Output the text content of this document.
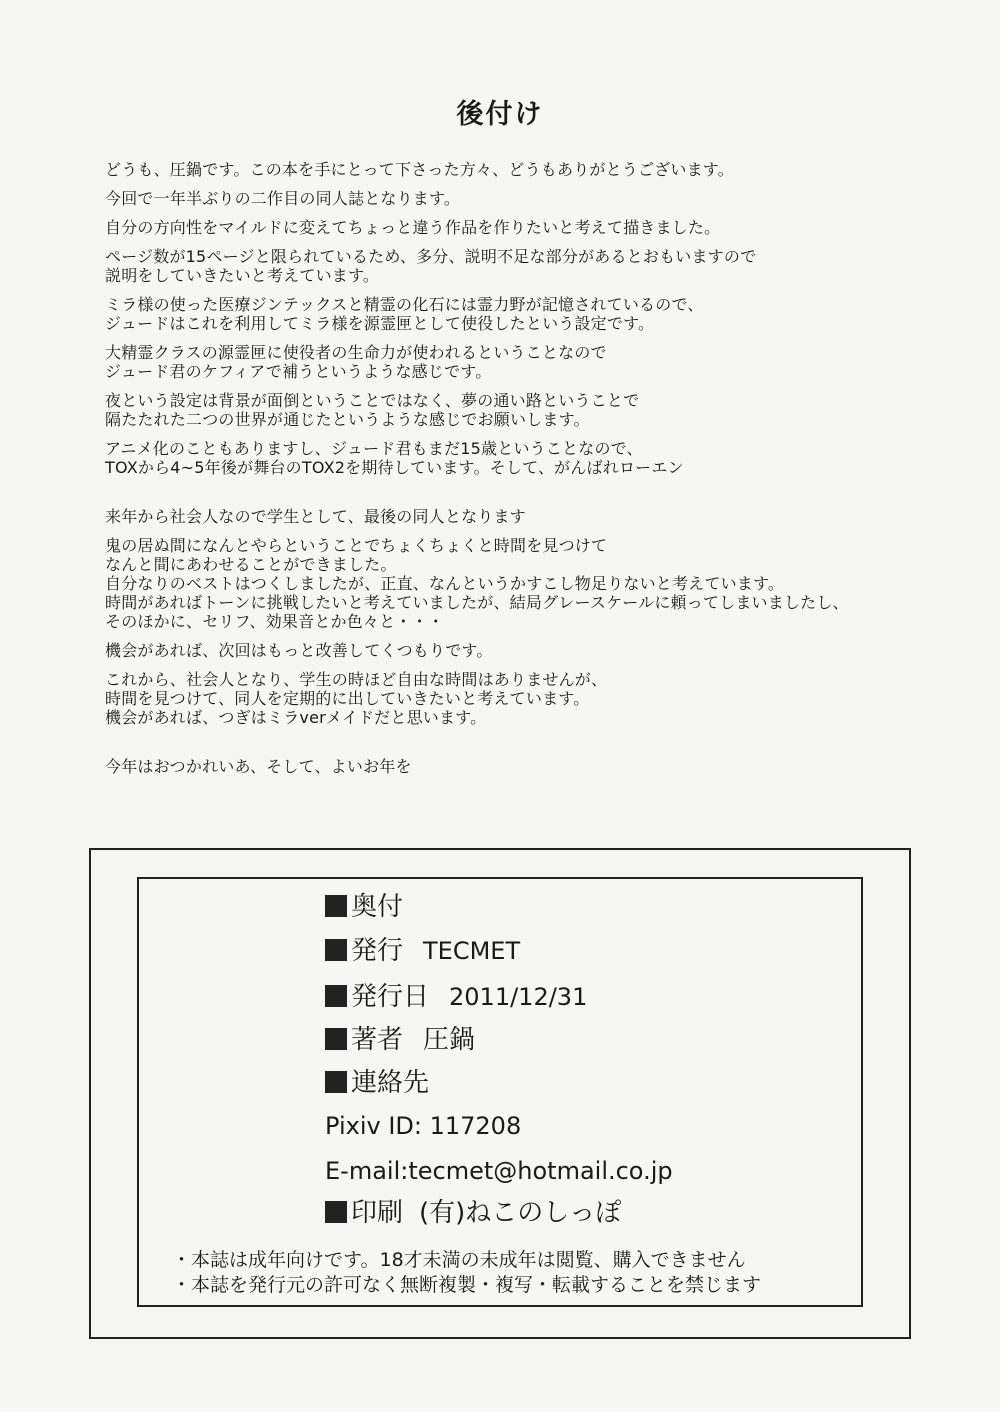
後付け
どうも、圧鍋です。この本を手にとって下さった方々、どうもありがとうございます。
今回で一年半ぶりの二作目の同人誌となります。
自分の方向性をマイルドに変えてちょっと違う作品を作りたいと考えて描きました。
ページ数が15ページと限られているため、多分、説明不足な部分があるとおもいますので
説明をしていきたいと考えています。
ミラ様の使った医療ジンテックスと精霊の化石には霊力野が記憶されているので、
ジュードはこれを利用してミラ様を源霊匣として使役したという設定です。
大精霊クラスの源霊匣に使役者の生命力が使われるということなので
ジュード君のケフィアで補うというような感じです。
夜という設定は背景が面倒ということではなく、夢の通い路ということで
隔たたれた二つの世界が通じたというような感じでお願いします。
アニメ化のこともありますし、ジュード君もまだ15歳ということなので、
TOXから4~5年後が舞台のTOX2を期待しています。そして、がんばれローエン
来年から社会人なので学生として、最後の同人となります
鬼の居ぬ間になんとやらということでちょくちょくと時間を見つけて
なんと間にあわせることができました。
自分なりのベストはつくしましたが、正直、なんというかすこし物足りないと考えています。
時間があればトーンに挑戦したいと考えていましたが、結局グレースケールに頼ってしまいましたし、
そのほかに、セリフ、効果音とか色々と・・・
機会があれば、次回はもっと改善してくつもりです。
これから、社会人となり、学生の時ほど自由な時間はありませんが、
時間を見つけて、同人を定期的に出していきたいと考えています。
機会があれば、つぎはミラverメイドだと思います。
今年はおつかれいあ、そして、よいお年を
奥付
発行 TECMET
発行日 2011/12/31
著者 圧鍋
連絡先
Pixiv ID: 117208
E-mail:tecmet@hotmail.co.jp
印刷 (有)ねこのしっぽ
・本誌は成年向けです。18才未満の未成年は閲覧、購入できません
・本誌を発行元の許可なく無断複製・複写・転載することを禁じます
